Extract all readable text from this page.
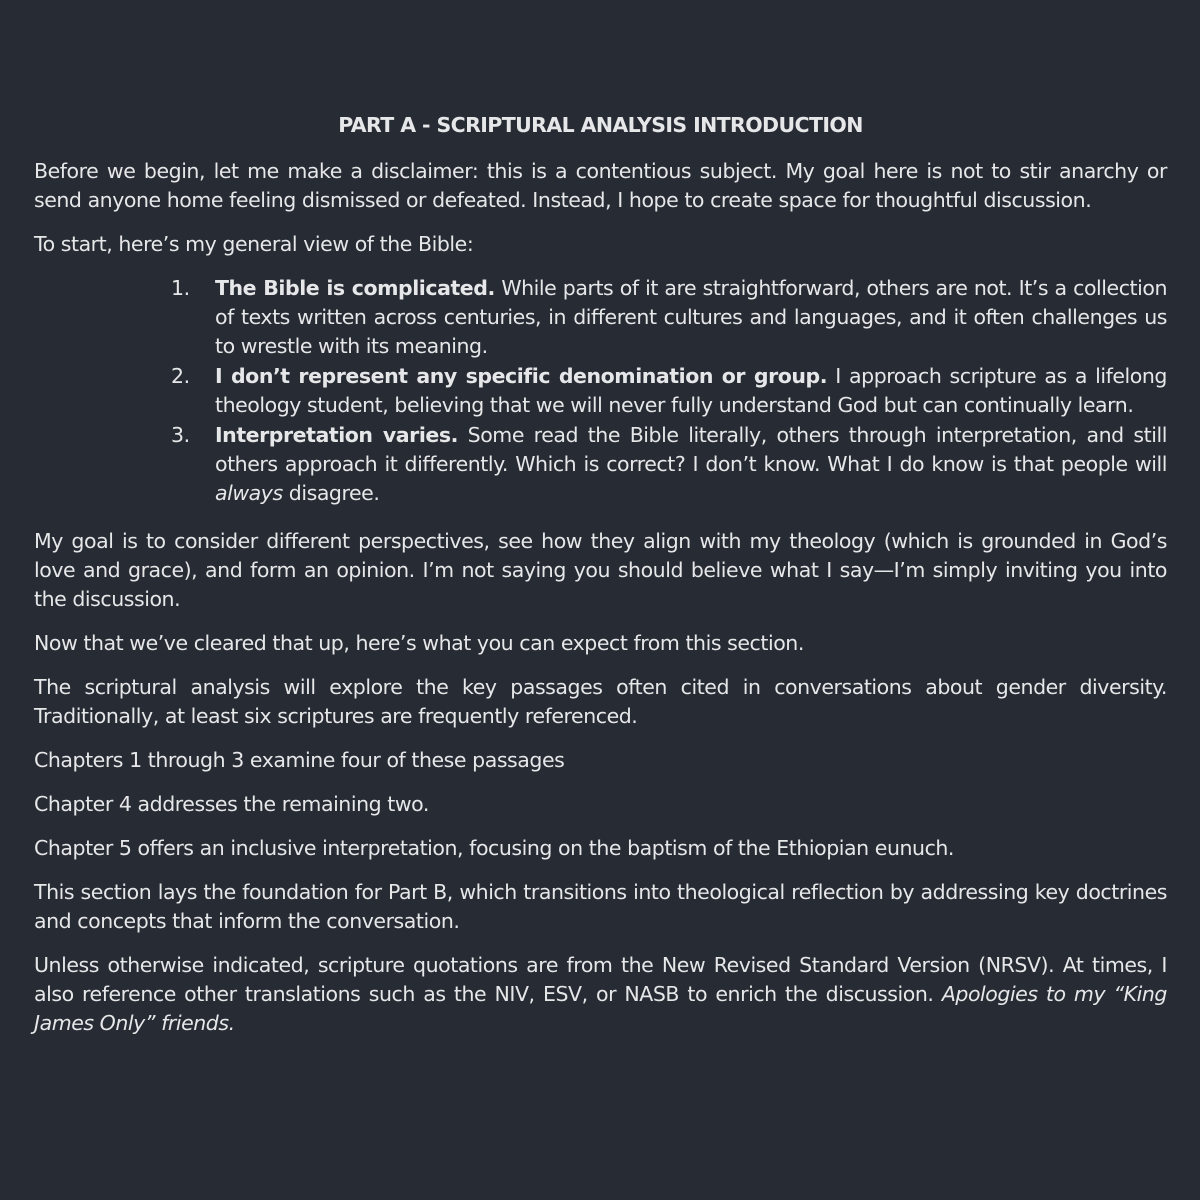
PART A - SCRIPTURAL ANALYSIS INTRODUCTION

Before we begin, let me make a disclaimer: this is a contentious subject. My goal here is not to stir anarchy or send anyone home feeling dismissed or defeated. Instead, I hope to create space for thoughtful discussion.

To start, here’s my general view of the Bible:

1. The Bible is complicated. While parts of it are straightforward, others are not. It’s a collection of texts written across centuries, in different cultures and languages, and it often challenges us to wrestle with its meaning.
2. I don’t represent any specific denomination or group. I approach scripture as a lifelong theology student, believing that we will never fully understand God but can continually learn.
3. Interpretation varies. Some read the Bible literally, others through interpretation, and still others approach it differently. Which is correct? I don’t know. What I do know is that people will always disagree.

My goal is to consider different perspectives, see how they align with my theology (which is grounded in God’s love and grace), and form an opinion. I’m not saying you should believe what I say—I’m simply inviting you into the discussion.

Now that we’ve cleared that up, here’s what you can expect from this section.

The scriptural analysis will explore the key passages often cited in conversations about gender diversity. Traditionally, at least six scriptures are frequently referenced.

Chapters 1 through 3 examine four of these passages

Chapter 4 addresses the remaining two.

Chapter 5 offers an inclusive interpretation, focusing on the baptism of the Ethiopian eunuch.

This section lays the foundation for Part B, which transitions into theological reflection by addressing key doctrines and concepts that inform the conversation.

Unless otherwise indicated, scripture quotations are from the New Revised Standard Version (NRSV). At times, I also reference other translations such as the NIV, ESV, or NASB to enrich the discussion. Apologies to my “King James Only” friends.
